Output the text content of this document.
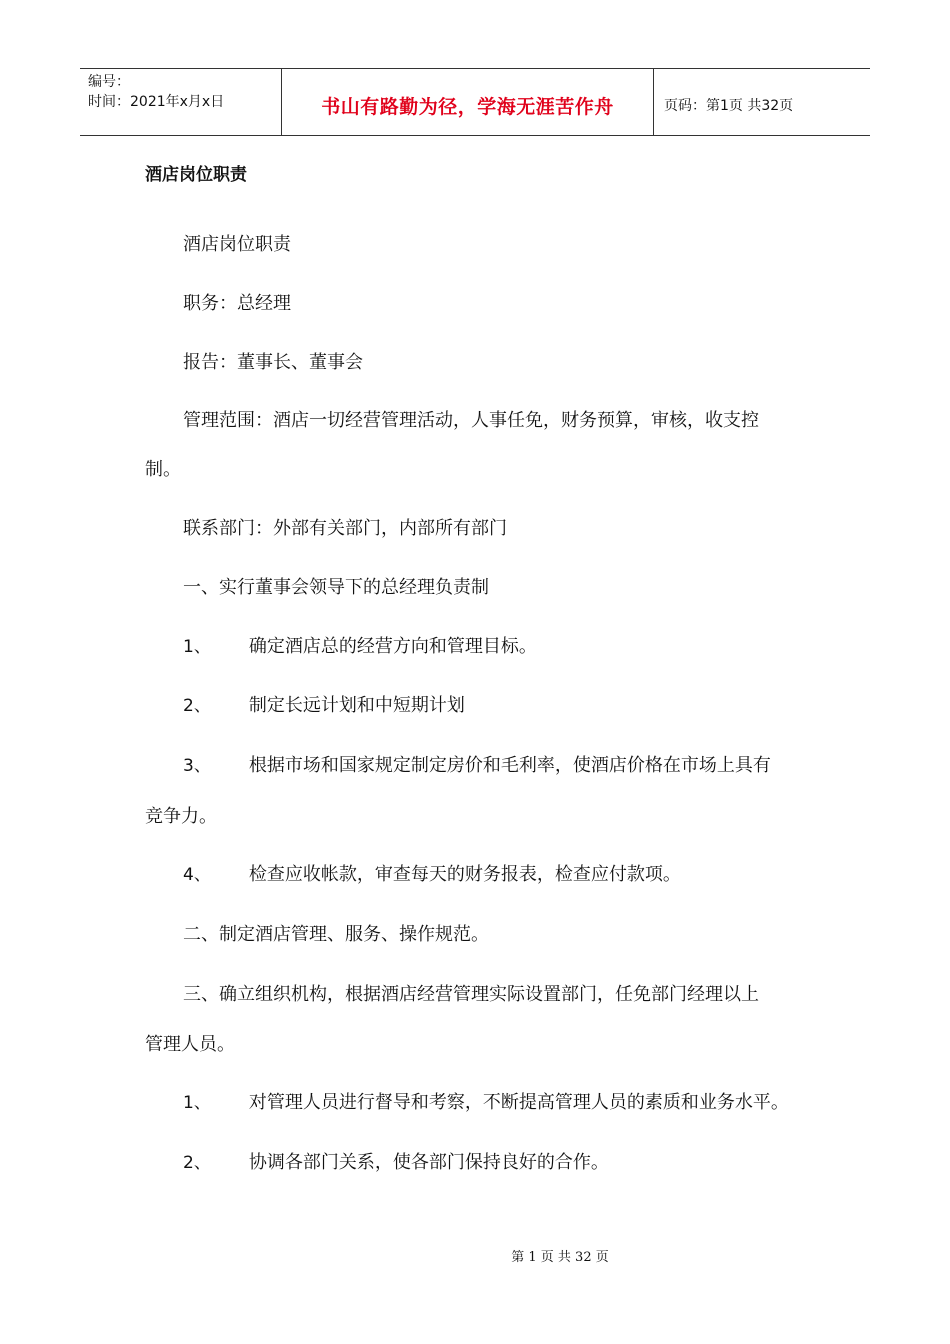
编号：
时间：2021年x月x日	书山有路勤为径，学海无涯苦作舟	页码：第1页 共32页
酒店岗位职责
酒店岗位职责
职务：总经理
报告：董事长、董事会
管理范围：酒店一切经营管理活动，人事任免，财务预算，审核，收支控
制。
联系部门：外部有关部门，内部所有部门
一、实行董事会领导下的总经理负责制
1、 确定酒店总的经营方向和管理目标。
2、 制定长远计划和中短期计划
3、 根据市场和国家规定制定房价和毛利率，使酒店价格在市场上具有
竞争力。
4、 检查应收帐款，审查每天的财务报表，检查应付款项。
二、制定酒店管理、服务、操作规范。
三、确立组织机构，根据酒店经营管理实际设置部门，任免部门经理以上
管理人员。
1、 对管理人员进行督导和考察，不断提高管理人员的素质和业务水平。
2、 协调各部门关系，使各部门保持良好的合作。
第 1 页 共 32 页
